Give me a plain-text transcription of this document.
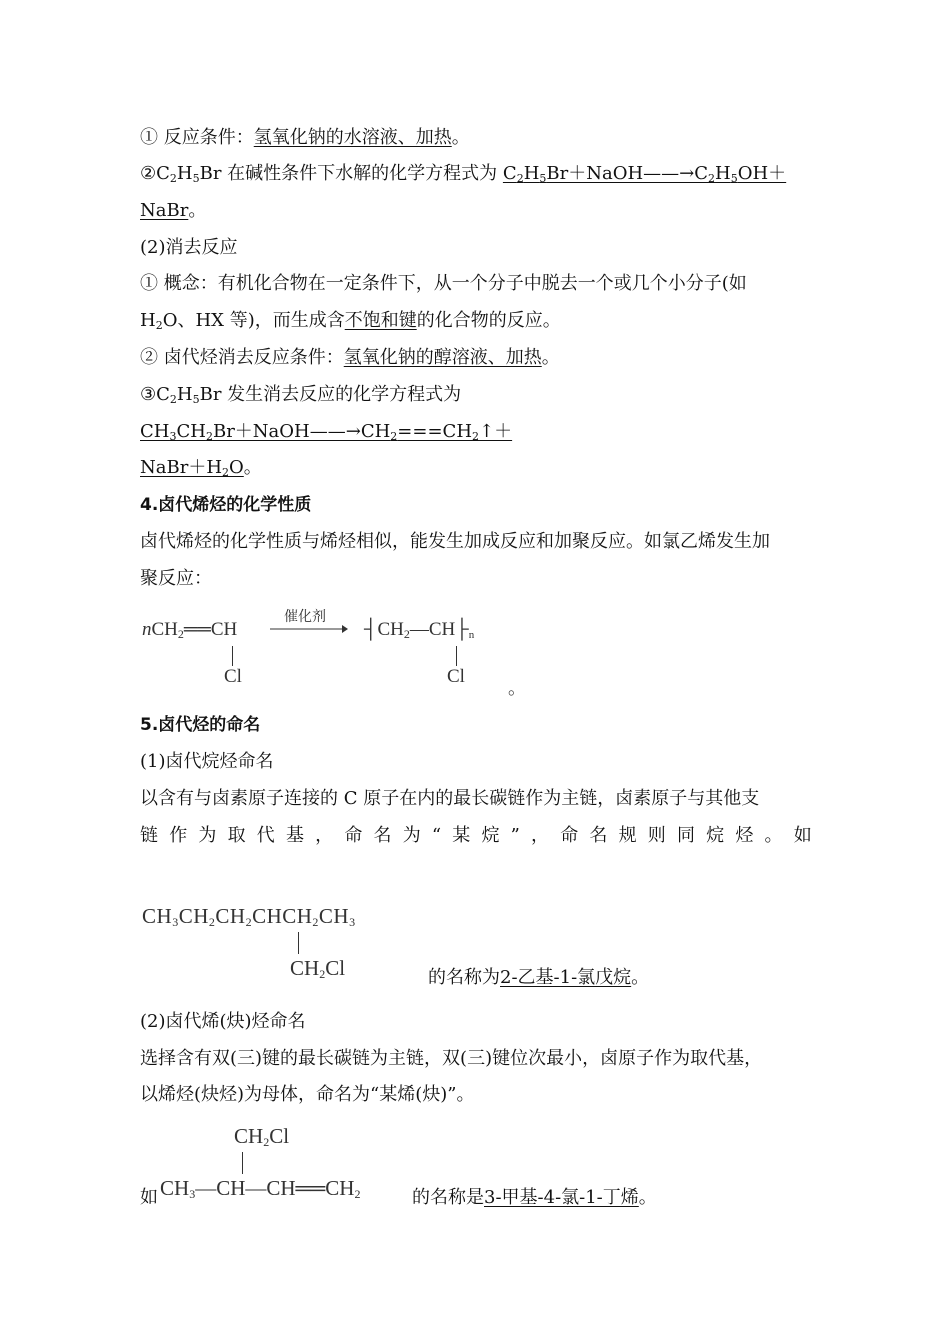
① 反应条件：氢氧化钠的水溶液、加热。
$②C_2H_5Br$ 在碱性条件下水解的化学方程式为 $C_2H_5Br+NaOH——\to C_2H_5OH+$
NaBr。
(2)消去反应
① 概念：有机化合物在一定条件下，从一个分子中脱去一个或几个小分子(如
$H_2O$、HX 等)，而生成含不饱和键的化合物的反应。
② 卤代烃消去反应条件：氢氧化钠的醇溶液、加热。
$③C_2H_5Br$ 发生消去反应的化学方程式为
$CH_3CH_2Br+NaOH——\to CH_2===CH_2↑+$
$NaBr+H_2O$。
4.卤代烯烃的化学性质
卤代烯烃的化学性质与烯烃相似，能发生加成反应和加聚反应。如氯乙烯发生加
聚反应：
nCH$_2$══CH
Cl
催化剂
$┤CH_2—CH├_n$
Cl
。
5.卤代烃的命名
(1)卤代烷烃命名
以含有与卤素原子连接的 C 原子在内的最长碳链作为主链，卤素原子与其他支
链 作 为 取 代 基 ， 命 名 为 “ 某 烷 ” ， 命 名 规 则 同 烷 烃 。 如
$CH_3CH_2CH_2CHCH_2CH_3$
$CH_2Cl$	的名称为2-乙基-1-氯戊烷。
(2)卤代烯(炔)烃命名
选择含有双(三)键的最长碳链为主链，双(三)键位次最小，卤原子作为取代基，
以烯烃(炔烃)为母体，命名为“某烯(炔)”。
$CH_2Cl$
如 $CH_3—CH—CH══CH_2$	的名称是3-甲基-4-氯-1-丁烯。
